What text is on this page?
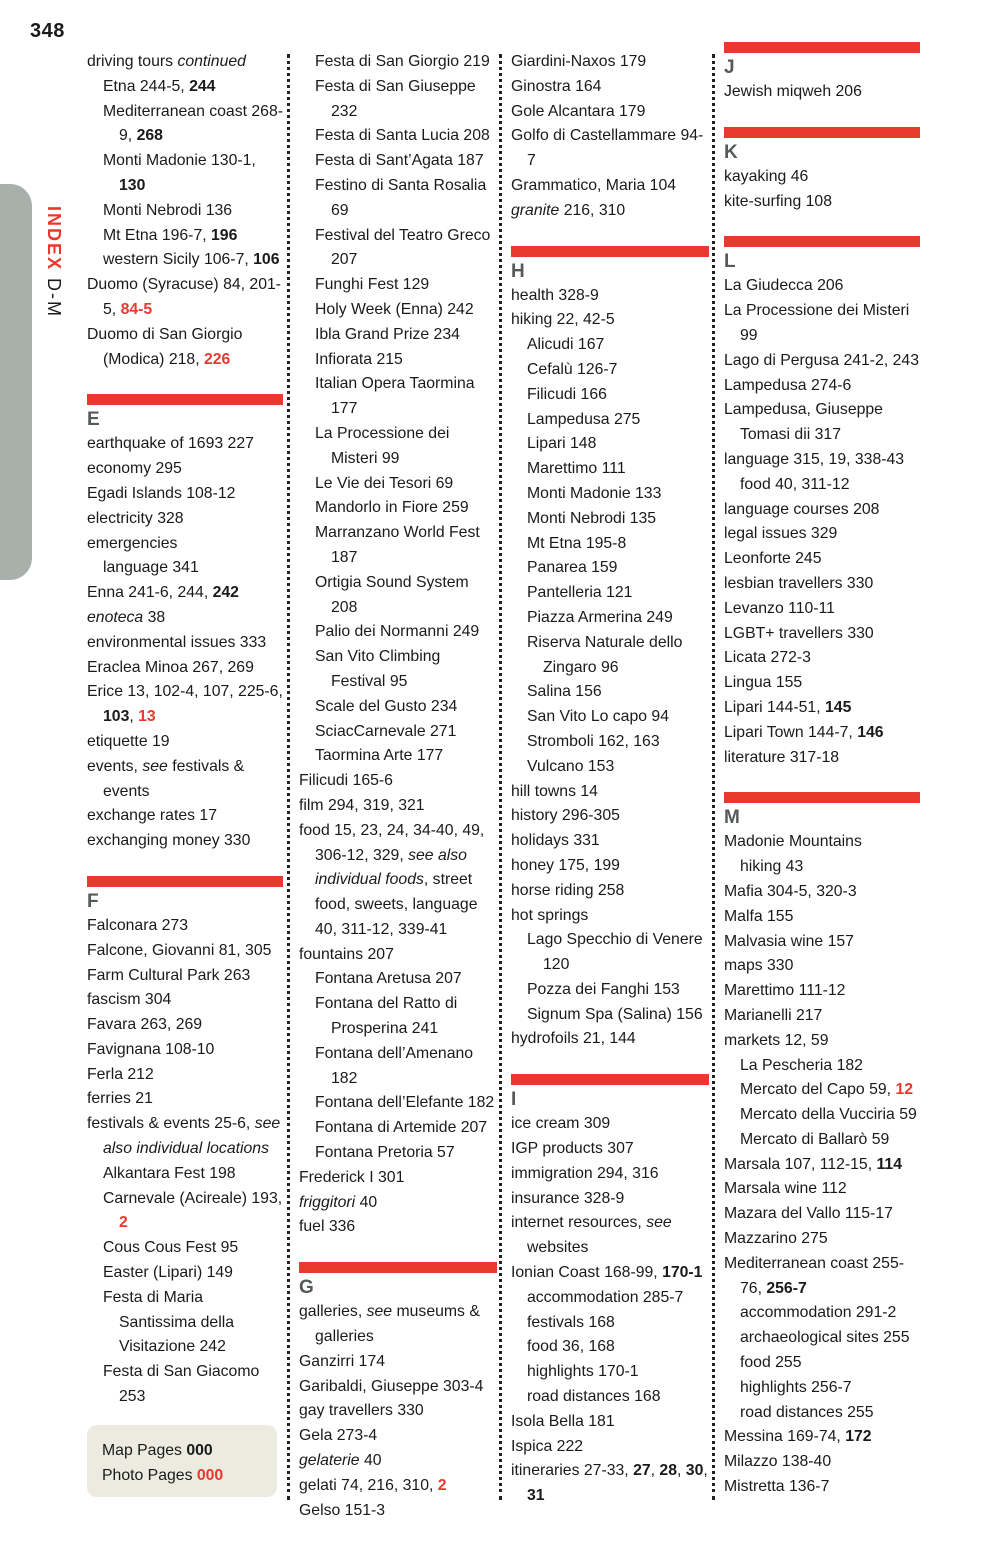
348
INDEX D-M
driving tours continued
Etna 244-5, 244
Mediterranean coast 268-9, 268
Monti Madonie 130-1, 130
Monti Nebrodi 136
Mt Etna 196-7, 196
western Sicily 106-7, 106
Duomo (Syracuse) 84, 201-5, 84-5
Duomo di San Giorgio (Modica) 218, 226
E
earthquake of 1693 227
economy 295
Egadi Islands 108-12
electricity 328
emergencies
language 341
Enna 241-6, 244, 242
enoteca 38
environmental issues 333
Eraclea Minoa 267, 269
Erice 13, 102-4, 107, 225-6, 103, 13
etiquette 19
events, see festivals & events
exchange rates 17
exchanging money 330
F
Falconara 273
Falcone, Giovanni 81, 305
Farm Cultural Park 263
fascism 304
Favara 263, 269
Favignana 108-10
Ferla 212
ferries 21
festivals & events 25-6, see also individual locations
Alkantara Fest 198
Carnevale (Acireale) 193, 2
Cous Cous Fest 95
Easter (Lipari) 149
Festa di Maria Santissima della Visitazione 242
Festa di San Giacomo 253
Festa di San Giorgio 219
Festa di San Giuseppe 232
Festa di Santa Lucia 208
Festa di Sant’Agata 187
Festino di Santa Rosalia 69
Festival del Teatro Greco 207
Funghi Fest 129
Holy Week (Enna) 242
Ibla Grand Prize 234
Infiorata 215
Italian Opera Taormina 177
La Processione dei Misteri 99
Le Vie dei Tesori 69
Mandorlo in Fiore 259
Marranzano World Fest 187
Ortigia Sound System 208
Palio dei Normanni 249
San Vito Climbing Festival 95
Scale del Gusto 234
SciacCarnevale 271
Taormina Arte 177
Filicudi 165-6
film 294, 319, 321
food 15, 23, 24, 34-40, 49, 306-12, 329, see also individual foods, street food, sweets, language 40, 311-12, 339-41
fountains 207
Fontana Aretusa 207
Fontana del Ratto di Prosperina 241
Fontana dell’Amenano 182
Fontana dell’Elefante 182
Fontana di Artemide 207
Fontana Pretoria 57
Frederick I 301
friggitori 40
fuel 336
G
galleries, see museums & galleries
Ganzirri 174
Garibaldi, Giuseppe 303-4
gay travellers 330
Gela 273-4
gelaterie 40
gelati 74, 216, 310, 2
Gelso 151-3
Giardini-Naxos 179
Ginostra 164
Gole Alcantara 179
Golfo di Castellammare 94-7
Grammatico, Maria 104
granite 216, 310
H
health 328-9
hiking 22, 42-5
Alicudi 167
Cefalù 126-7
Filicudi 166
Lampedusa 275
Lipari 148
Marettimo 111
Monti Madonie 133
Monti Nebrodi 135
Mt Etna 195-8
Panarea 159
Pantelleria 121
Piazza Armerina 249
Riserva Naturale dello Zingaro 96
Salina 156
San Vito Lo capo 94
Stromboli 162, 163
Vulcano 153
hill towns 14
history 296-305
holidays 331
honey 175, 199
horse riding 258
hot springs
Lago Specchio di Venere 120
Pozza dei Fanghi 153
Signum Spa (Salina) 156
hydrofoils 21, 144
I
ice cream 309
IGP products 307
immigration 294, 316
insurance 328-9
internet resources, see websites
Ionian Coast 168-99, 170-1
accommodation 285-7
festivals 168
food 36, 168
highlights 170-1
road distances 168
Isola Bella 181
Ispica 222
itineraries 27-33, 27, 28, 30, 31
J
Jewish miqweh 206
K
kayaking 46
kite-surfing 108
L
La Giudecca 206
La Processione dei Misteri 99
Lago di Pergusa 241-2, 243
Lampedusa 274-6
Lampedusa, Giuseppe Tomasi dii 317
language 315, 19, 338-43
food 40, 311-12
language courses 208
legal issues 329
Leonforte 245
lesbian travellers 330
Levanzo 110-11
LGBT+ travellers 330
Licata 272-3
Lingua 155
Lipari 144-51, 145
Lipari Town 144-7, 146
literature 317-18
M
Madonie Mountains
hiking 43
Mafia 304-5, 320-3
Malfa 155
Malvasia wine 157
maps 330
Marettimo 111-12
Marianelli 217
markets 12, 59
La Pescheria 182
Mercato del Capo 59, 12
Mercato della Vucciria 59
Mercato di Ballarò 59
Marsala 107, 112-15, 114
Marsala wine 112
Mazara del Vallo 115-17
Mazzarino 275
Mediterranean coast 255-76, 256-7
accommodation 291-2
archaeological sites 255
food 255
highlights 256-7
road distances 255
Messina 169-74, 172
Milazzo 138-40
Mistretta 136-7
Map Pages 000
Photo Pages 000
